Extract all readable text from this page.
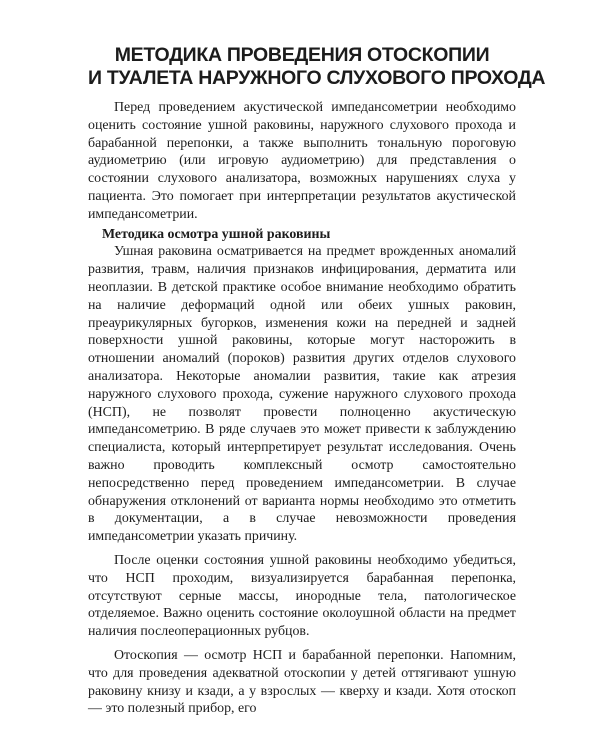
МЕТОДИКА ПРОВЕДЕНИЯ ОТОСКОПИИ
И ТУАЛЕТА НАРУЖНОГО СЛУХОВОГО ПРОХОДА

Перед проведением акустической импедансометрии необходимо оценить состояние ушной раковины, наружного слухового прохода и барабанной перепонки, а также выполнить тональную пороговую аудиометрию (или игровую аудиометрию) для представления о состоянии слухового анализатора, возможных нарушениях слуха у пациента. Это помогает при интерпретации результатов акустической импедансометрии.

Методика осмотра ушной раковины

Ушная раковина осматривается на предмет врожденных аномалий развития, травм, наличия признаков инфицирования, дерматита или неоплазии. В детской практике особое внимание необходимо обратить на наличие деформаций одной или обеих ушных раковин, преаурикулярных бугорков, изменения кожи на передней и задней поверхности ушной раковины, которые могут насторожить в отношении аномалий (пороков) развития других отделов слухового анализатора. Некоторые аномалии развития, такие как атрезия наружного слухового прохода, сужение наружного слухового прохода (НСП), не позволят провести полноценно акустическую импедансометрию. В ряде случаев это может привести к заблуждению специалиста, который интерпретирует результат исследования. Очень важно проводить комплексный осмотр самостоятельно непосредственно перед проведением импедансометрии. В случае обнаружения отклонений от варианта нормы необходимо это отметить в документации, а в случае невозможности проведения импедансометрии указать причину.

После оценки состояния ушной раковины необходимо убедиться, что НСП проходим, визуализируется барабанная перепонка, отсутствуют серные массы, инородные тела, патологическое отделяемое. Важно оценить состояние околоушной области на предмет наличия послеоперационных рубцов.

Отоскопия — осмотр НСП и барабанной перепонки. Напомним, что для проведения адекватной отоскопии у детей оттягивают ушную раковину книзу и кзади, а у взрослых — кверху и кзади. Хотя отоскоп — это полезный прибор, его
